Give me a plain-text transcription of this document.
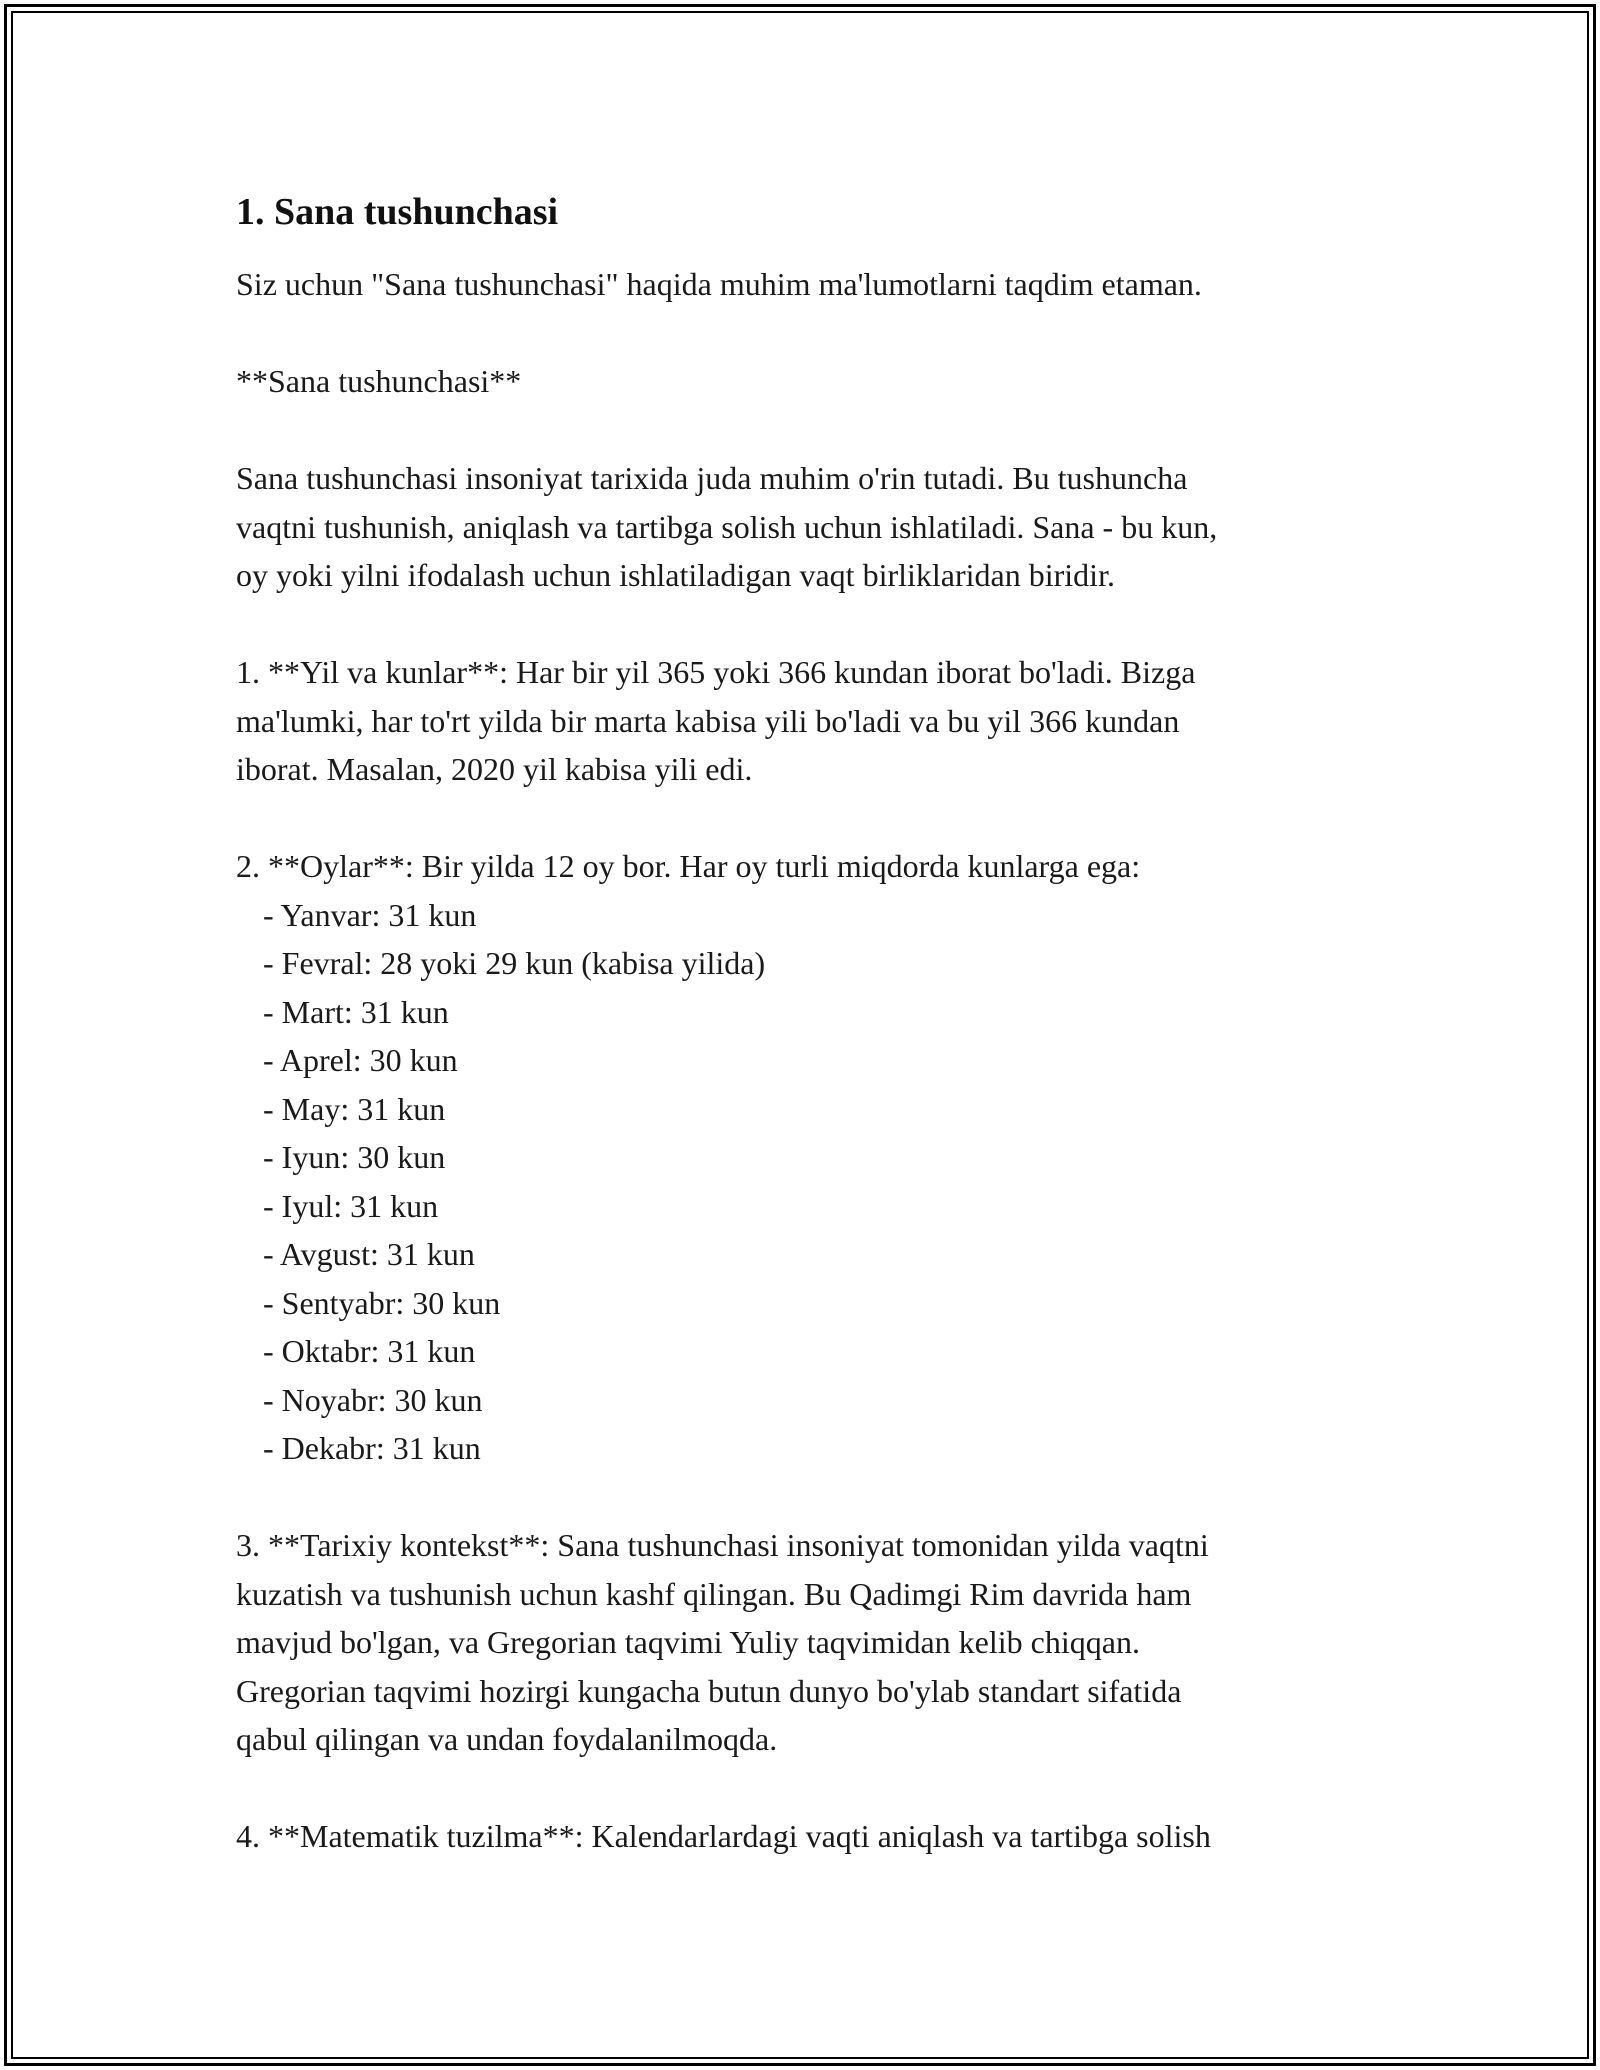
1. Sana tushunchasi
Siz uchun "Sana tushunchasi" haqida muhim ma'lumotlarni taqdim etaman.
**Sana tushunchasi**
Sana tushunchasi insoniyat tarixida juda muhim o'rin tutadi. Bu tushuncha
vaqtni tushunish, aniqlash va tartibga solish uchun ishlatiladi. Sana - bu kun,
oy yoki yilni ifodalash uchun ishlatiladigan vaqt birliklaridan biridir.
1. **Yil va kunlar**: Har bir yil 365 yoki 366 kundan iborat bo'ladi. Bizga
ma'lumki, har to'rt yilda bir marta kabisa yili bo'ladi va bu yil 366 kundan
iborat. Masalan, 2020 yil kabisa yili edi.
2. **Oylar**: Bir yilda 12 oy bor. Har oy turli miqdorda kunlarga ega:
- Yanvar: 31 kun
- Fevral: 28 yoki 29 kun (kabisa yilida)
- Mart: 31 kun
- Aprel: 30 kun
- May: 31 kun
- Iyun: 30 kun
- Iyul: 31 kun
- Avgust: 31 kun
- Sentyabr: 30 kun
- Oktabr: 31 kun
- Noyabr: 30 kun
- Dekabr: 31 kun
3. **Tarixiy kontekst**: Sana tushunchasi insoniyat tomonidan yilda vaqtni
kuzatish va tushunish uchun kashf qilingan. Bu Qadimgi Rim davrida ham
mavjud bo'lgan, va Gregorian taqvimi Yuliy taqvimidan kelib chiqqan.
Gregorian taqvimi hozirgi kungacha butun dunyo bo'ylab standart sifatida
qabul qilingan va undan foydalanilmoqda.
4. **Matematik tuzilma**: Kalendarlardagi vaqti aniqlash va tartibga solish
